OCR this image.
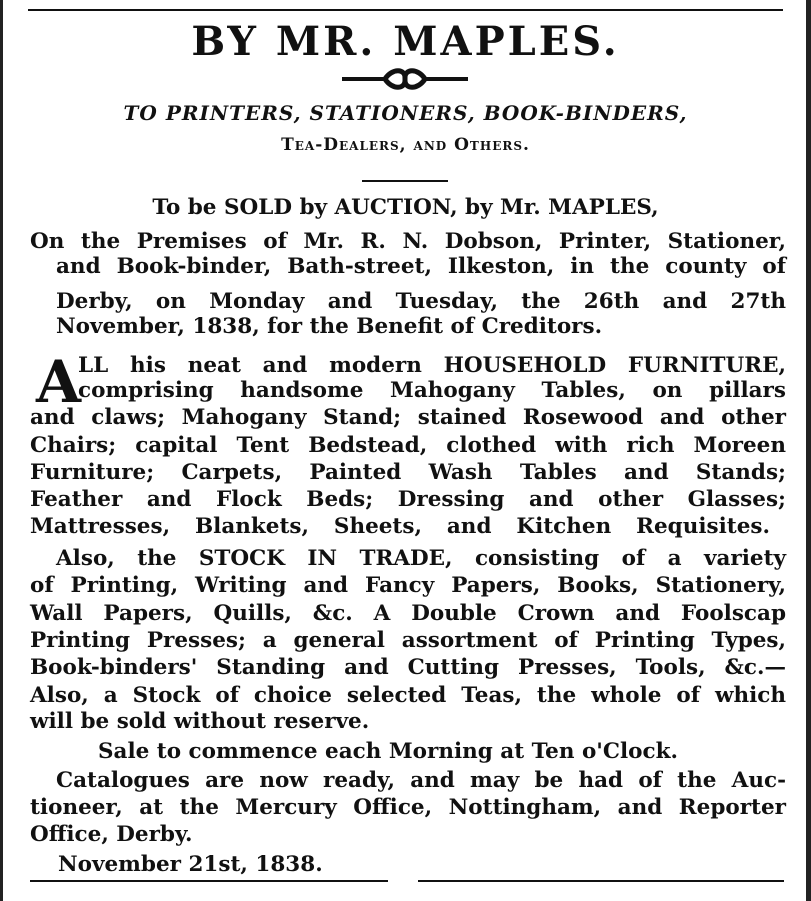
BY MR. MAPLES.
TO PRINTERS, STATIONERS, BOOK-BINDERS,
Tea-Dealers, and Others.
To be SOLD by AUCTION, by Mr. MAPLES,
On the Premises of Mr. R. N. Dobson, Printer, Stationer,
and Book-binder, Bath-street, Ilkeston, in the county of
Derby, on Monday and Tuesday, the 26th and 27th
November, 1838, for the Benefit of Creditors.
A
LL his neat and modern HOUSEHOLD FURNITURE,
comprising handsome Mahogany Tables, on pillars
and claws; Mahogany Stand; stained Rosewood and other
Chairs; capital Tent Bedstead, clothed with rich Moreen
Furniture; Carpets, Painted Wash Tables and Stands;
Feather and Flock Beds; Dressing and other Glasses;
Mattresses, Blankets, Sheets, and Kitchen Requisites.
Also, the STOCK IN TRADE, consisting of a variety
of Printing, Writing and Fancy Papers, Books, Stationery,
Wall Papers, Quills, &c. A Double Crown and Foolscap
Printing Presses; a general assortment of Printing Types,
Book-binders' Standing and Cutting Presses, Tools, &c.—
Also, a Stock of choice selected Teas, the whole of which
will be sold without reserve.
Sale to commence each Morning at Ten o'Clock.
Catalogues are now ready, and may be had of the Auc-
tioneer, at the Mercury Office, Nottingham, and Reporter
Office, Derby.
November 21st, 1838.
